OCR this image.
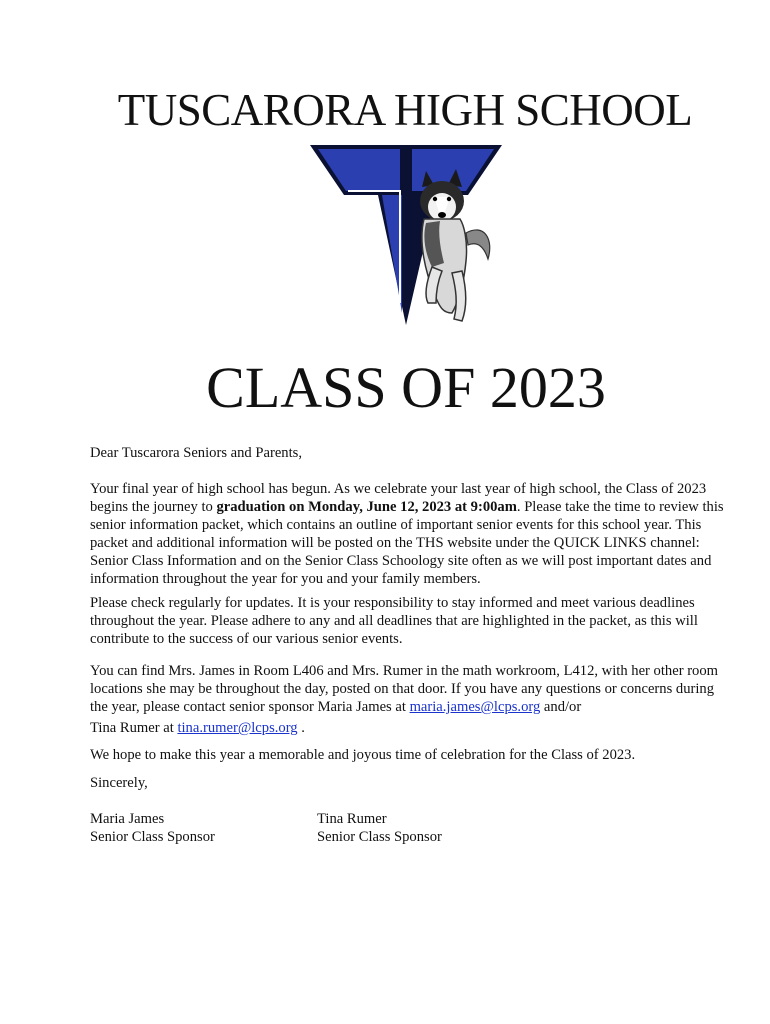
TUSCARORA HIGH SCHOOL
CLASS OF 2023

Dear Tuscarora Seniors and Parents,

Your final year of high school has begun. As we celebrate your last year of high school, the Class of 2023 begins the journey to graduation on Monday, June 12, 2023 at 9:00am. Please take the time to review this senior information packet, which contains an outline of important senior events for this school year. This packet and additional information will be posted on the THS website under the QUICK LINKS channel: Senior Class Information and on the Senior Class Schoology site often as we will post important dates and information throughout the year for you and your family members.

Please check regularly for updates. It is your responsibility to stay informed and meet various deadlines throughout the year. Please adhere to any and all deadlines that are highlighted in the packet, as this will contribute to the success of our various senior events.

You can find Mrs. James in Room L406 and Mrs. Rumer in the math workroom, L412, with her other room locations she may be throughout the day, posted on that door. If you have any questions or concerns during the year, please contact senior sponsor Maria James at maria.james@lcps.org and/or
Tina Rumer at tina.rumer@lcps.org .

We hope to make this year a memorable and joyous time of celebration for the Class of 2023.

Sincerely,

Maria James
Senior Class Sponsor
Tina Rumer
Senior Class Sponsor
